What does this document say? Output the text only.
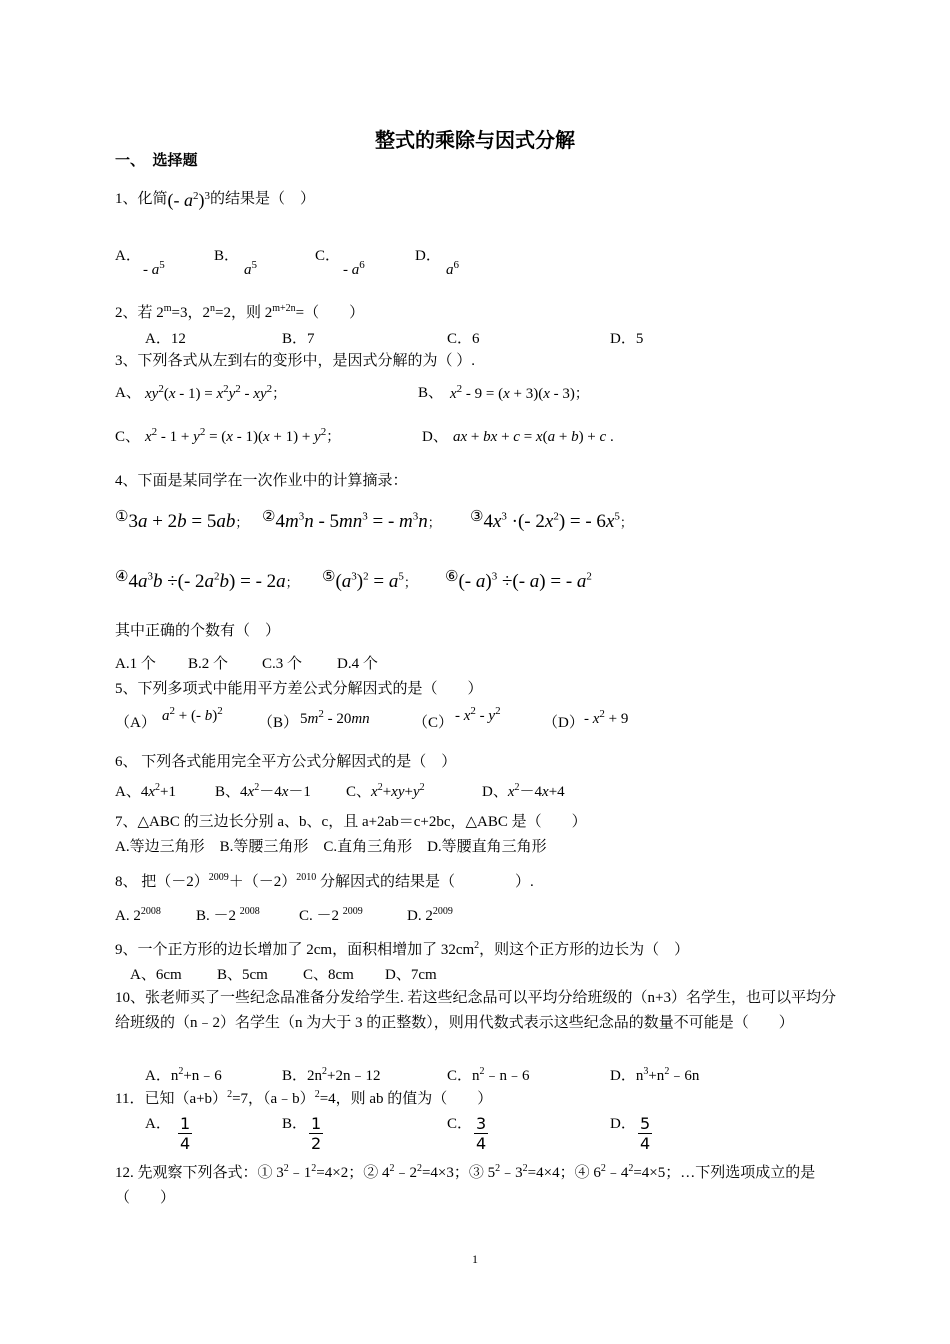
整式的乘除与因式分解
一、　选择题
1、化简(- $a^2)^3$的结果是（　）
A．
- $a^5$
B．
$a^5$
C．
- $a^6$
D．
$a^6$
2、若 $2^m=3$，$2^n=2$，则 $2^{m+2n}=$（　　）
A．12	B．7	C．6	D．5
3、下列各式从左到右的变形中，是因式分解的为（ ）.
A、 $xy^2(x - 1) = x^2y^2 - xy^2$；	B、 $x^2 - 9 = (x + 3)(x - 3)$；
C、 $x^2 - 1 + y^2 = (x - 1)(x + 1) + y^2$；	D、 ax + bx + c = x(a + b) + c .
4、下面是某同学在一次作业中的计算摘录：
①3a + 2b = 5ab； $^②4m^3n - 5mn^3$ = - $m^3n$； $^③4x^3$ ·(- $2x^2$) = - $6x^5$；
$^④4a^3b$ ÷(- $2a^2b$) = - 2a； $^⑤(a^3)^2 = a^5$； ⑥(- a)$^3$ ÷(- a) = - $a^2$
其中正确的个数有（　）
A.1 个 B.2 个 C.3 个 D.4 个
5、下列多项式中能用平方差公式分解因式的是（　　）
（A） $a^2$ + (- b)$^2$
（B） $5m^2 - 20mn$	$(C) - x^2 - y^2$
$(D) - x^2 + 9$
6、 下列各式能用完全平方公式分解因式的是（　）
A、$4x^2+1$	B、$4x^2-4x-1$ C、$x^2+xy+y^2$	D、$x^2-4x+4$
7、△ABC 的三边长分别 a、b、c，且 a+2ab＝c+2bc，△ABC 是（　　）
A.等边三角形　B.等腰三角形　C.直角三角形　D.等腰直角三角形
8、 把$(-2)^{2009}+(-2)^{2010}$ 分解因式的结果是（　　　　）.
A. $2^{2008}$ B. －2 $^{2008}$	C. －2 $^{2009}$	D. $2^{2009}$
9、一个正方形的边长增加了 2cm，面积相增加了 $32cm^2$，则这个正方形的边长为（　）
A、6cm B、5cm C、8cm D、7cm
10、张老师买了一些纪念品准备分发给学生. 若这些纪念品可以平均分给班级的（n+3）名学生，也可以平均分给班级的（n﹣2）名学生（n 为大于 3 的正整数），则用代数式表示这些纪念品的数量不可能是（　　）
A．$n^2+n﹣6$	B．$2n^2+2n﹣12$	C．$n^2﹣n﹣6$	D．$n^3+n^2﹣6n$
11．已知$(a+b)^2=7$，（a﹣b）$^2$=4，则 ab 的值为（　　）
A． $\frac{1}{4}$	B． $\frac{1}{2}$	C． $\frac{3}{4}$	D． $\frac{5}{4}$
12. 先观察下列各式：① $3^2﹣1^2=4\times 2$；② $4^2﹣2^2=4\times 3$；③ $5^2﹣3^2=4\times 4$；④ $6^2﹣4^2=4\times 5$；…下列选项成立的是（　　）
1
